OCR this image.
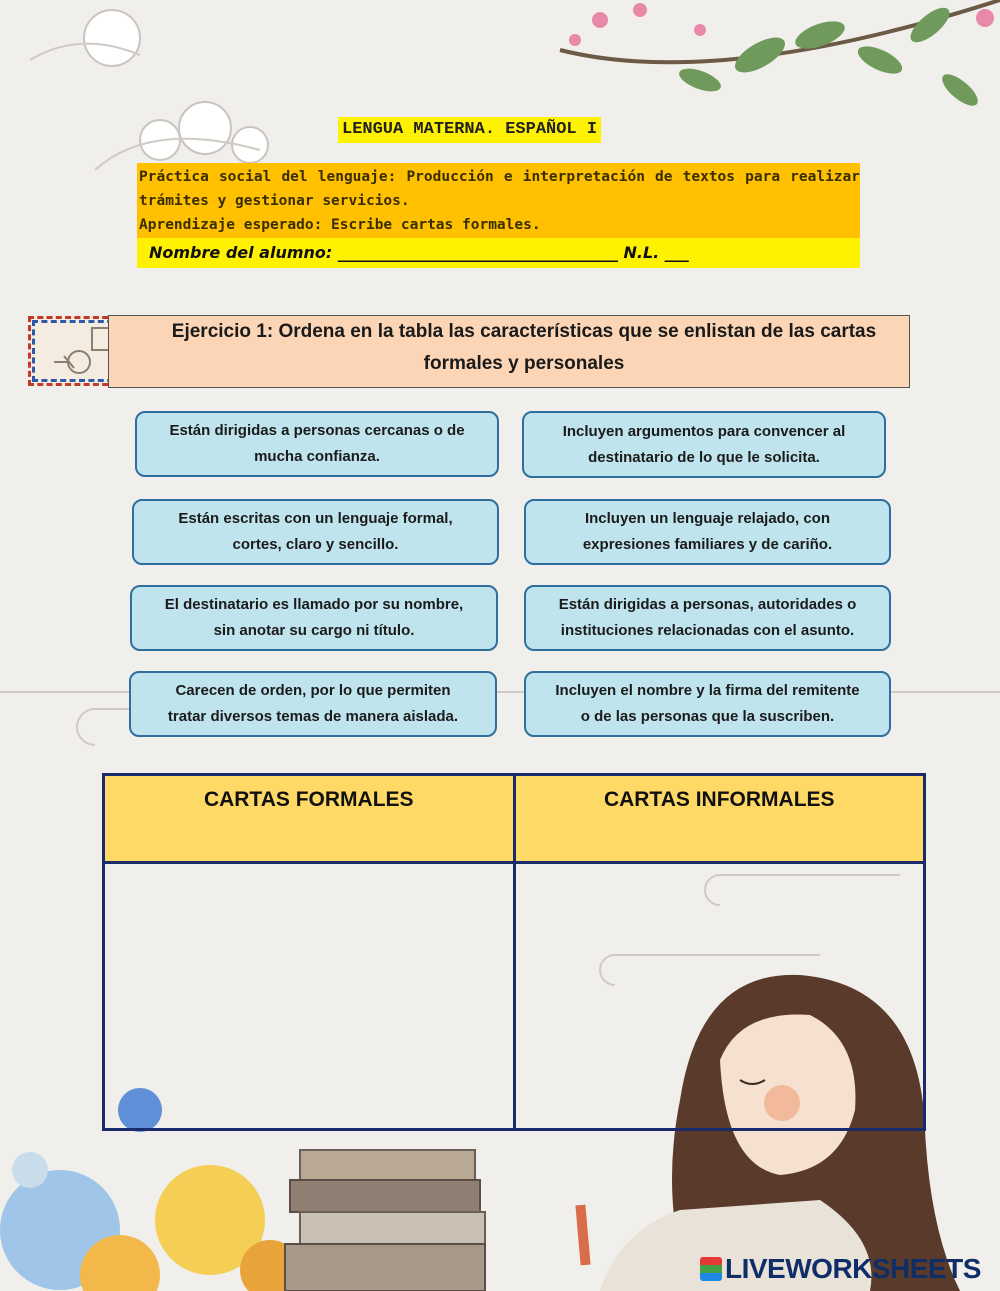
LENGUA MATERNA. ESPAÑOL I
Práctica social del lenguaje: Producción e interpretación de textos para realizar
trámites y gestionar servicios.
Aprendizaje esperado: Escribe cartas formales.
Nombre del alumno: ___________________________________ N.L. ___
Ejercicio 1: Ordena en la tabla las características que se enlistan de las cartas
formales y personales
Están dirigidas a personas cercanas o de
mucha confianza.
Incluyen argumentos para convencer al
destinatario de lo que le solicita.
Están escritas con un lenguaje formal,
cortes, claro y sencillo.
Incluyen un lenguaje relajado, con
expresiones familiares y de cariño.
El destinatario es llamado por su nombre,
sin anotar su cargo ni título.
Están dirigidas a personas, autoridades o
instituciones relacionadas con el asunto.
Carecen de orden, por lo que permiten
tratar diversos temas de manera aislada.
Incluyen el nombre y la firma del remitente
o de las personas que la suscriben.
CARTAS FORMALES	CARTAS INFORMALES

LIVEWORKSHEETS
